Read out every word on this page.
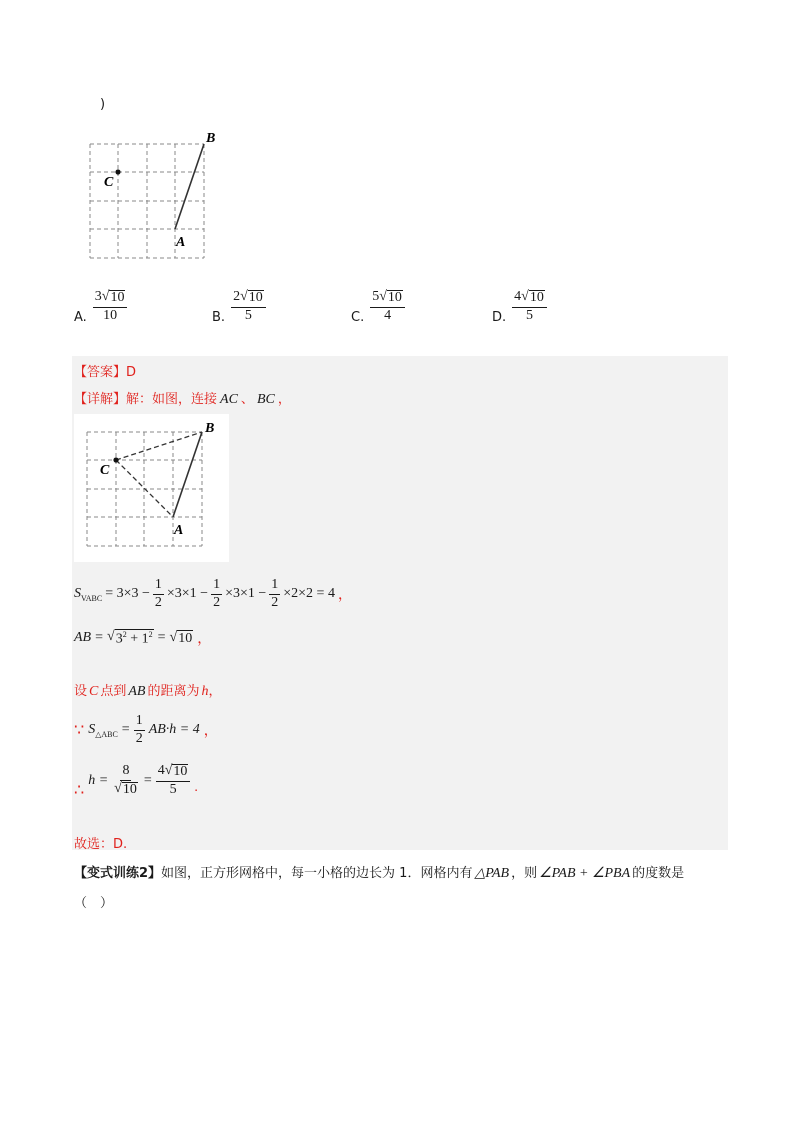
)
B
C
A
A. $\frac{3 √ 10}{10}$	B. $\frac{2 √ 10}{5}$	C. $\frac{5 √ 10}{4}$	D. $\frac{4 √ 10}{5}$
【答案】D
【详解】 解：如图，连接 AC 、 BC ，
B
C
A
$S_{VABC} = 3\times 3 - \frac{1}{2} \times 3\times 1 - \frac{1}{2} \times 3\times 1 - \frac{1}{2} \times 2\times 2 = 4$ ，
AB = √ $3^2 + 1^2$ = √ 10 ，
设 C 点到 AB 的距离为 h ，
∵ $S_{\triangle ABC} = \frac{1}{2} AB\cdot h = 4$ ，
∴
$h = \frac{8}{√ 10} = \frac{4 √ 10}{5}$ .
故选：D.
【变式训练2】 如图，正方形网格中，每一小格的边长为 1．网格内有 △PAB ，则 ∠PAB + ∠PBA 的度数是
（　）
